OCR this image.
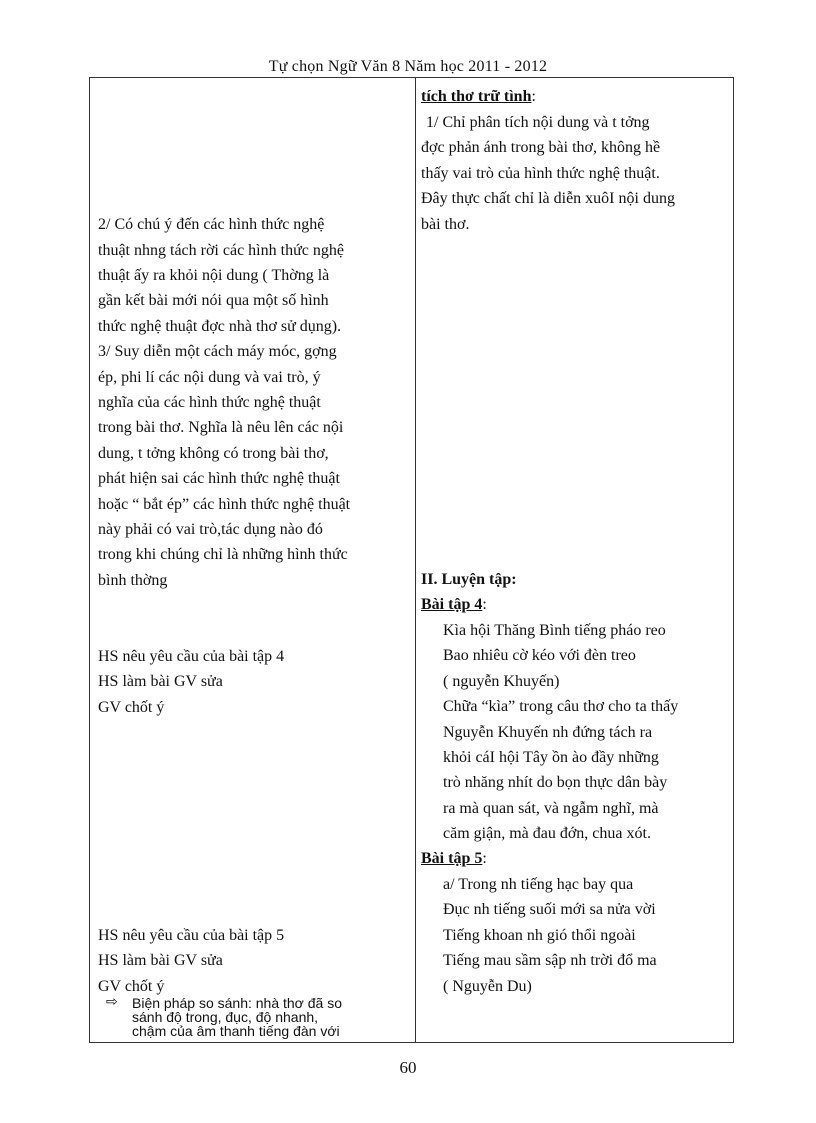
Tự chọn Ngữ Văn 8 Năm học 2011 - 2012
2/ Có chú ý đến các hình thức nghệ
thuật nhng tách rời các hình thức nghệ
thuật ấy ra khỏi nội dung ( Thờng là
gần kết bài mới nói qua một số hình
thức nghệ thuật đợc nhà thơ sử dụng).
3/ Suy diễn một cách máy móc, gợng
ép, phi lí các nội dung và vai trò, ý
nghĩa của các hình thức nghệ thuật
trong bài thơ. Nghĩa là nêu lên các nội
dung, t tởng không có trong bài thơ,
phát hiện sai các hình thức nghệ thuật
hoặc “ bắt ép” các hình thức nghệ thuật
này phải có vai trò,tác dụng nào đó
trong khi chúng chỉ là những hình thức
bình thờng
HS nêu yêu cầu của bài tập 4
HS làm bài GV sửa
GV chốt ý
HS nêu yêu cầu của bài tập 5
HS làm bài GV sửa
GV chốt ý
⇨ Biện pháp so sánh: nhà thơ đã so
sánh độ trong, đục, độ nhanh,
chậm của âm thanh tiếng đàn với
tích thơ trữ tình:
1/ Chỉ phân tích nội dung và t tởng
đợc phản ánh trong bài thơ, không hề
thấy vai trò của hình thức nghệ thuật.
Đây thực chất chỉ là diễn xuôI nội dung
bài thơ.
II. Luyện tập:
Bài tập 4:
Kìa hội Thăng Bình tiếng pháo reo
Bao nhiêu cờ kéo với đèn treo
( nguyễn Khuyến)
Chữa “kìa” trong câu thơ cho ta thấy
Nguyễn Khuyến nh đứng tách ra
khỏi cáI hội Tây ồn ào đầy những
trò nhăng nhít do bọn thực dân bày
ra mà quan sát, và ngẫm nghĩ, mà
căm giận, mà đau đớn, chua xót.
Bài tập 5:
a/ Trong nh tiếng hạc bay qua
Đục nh tiếng suối mới sa nửa vời
Tiếng khoan nh gió thổi ngoài
Tiếng mau sầm sập nh trời đổ ma
( Nguyễn Du)
60
